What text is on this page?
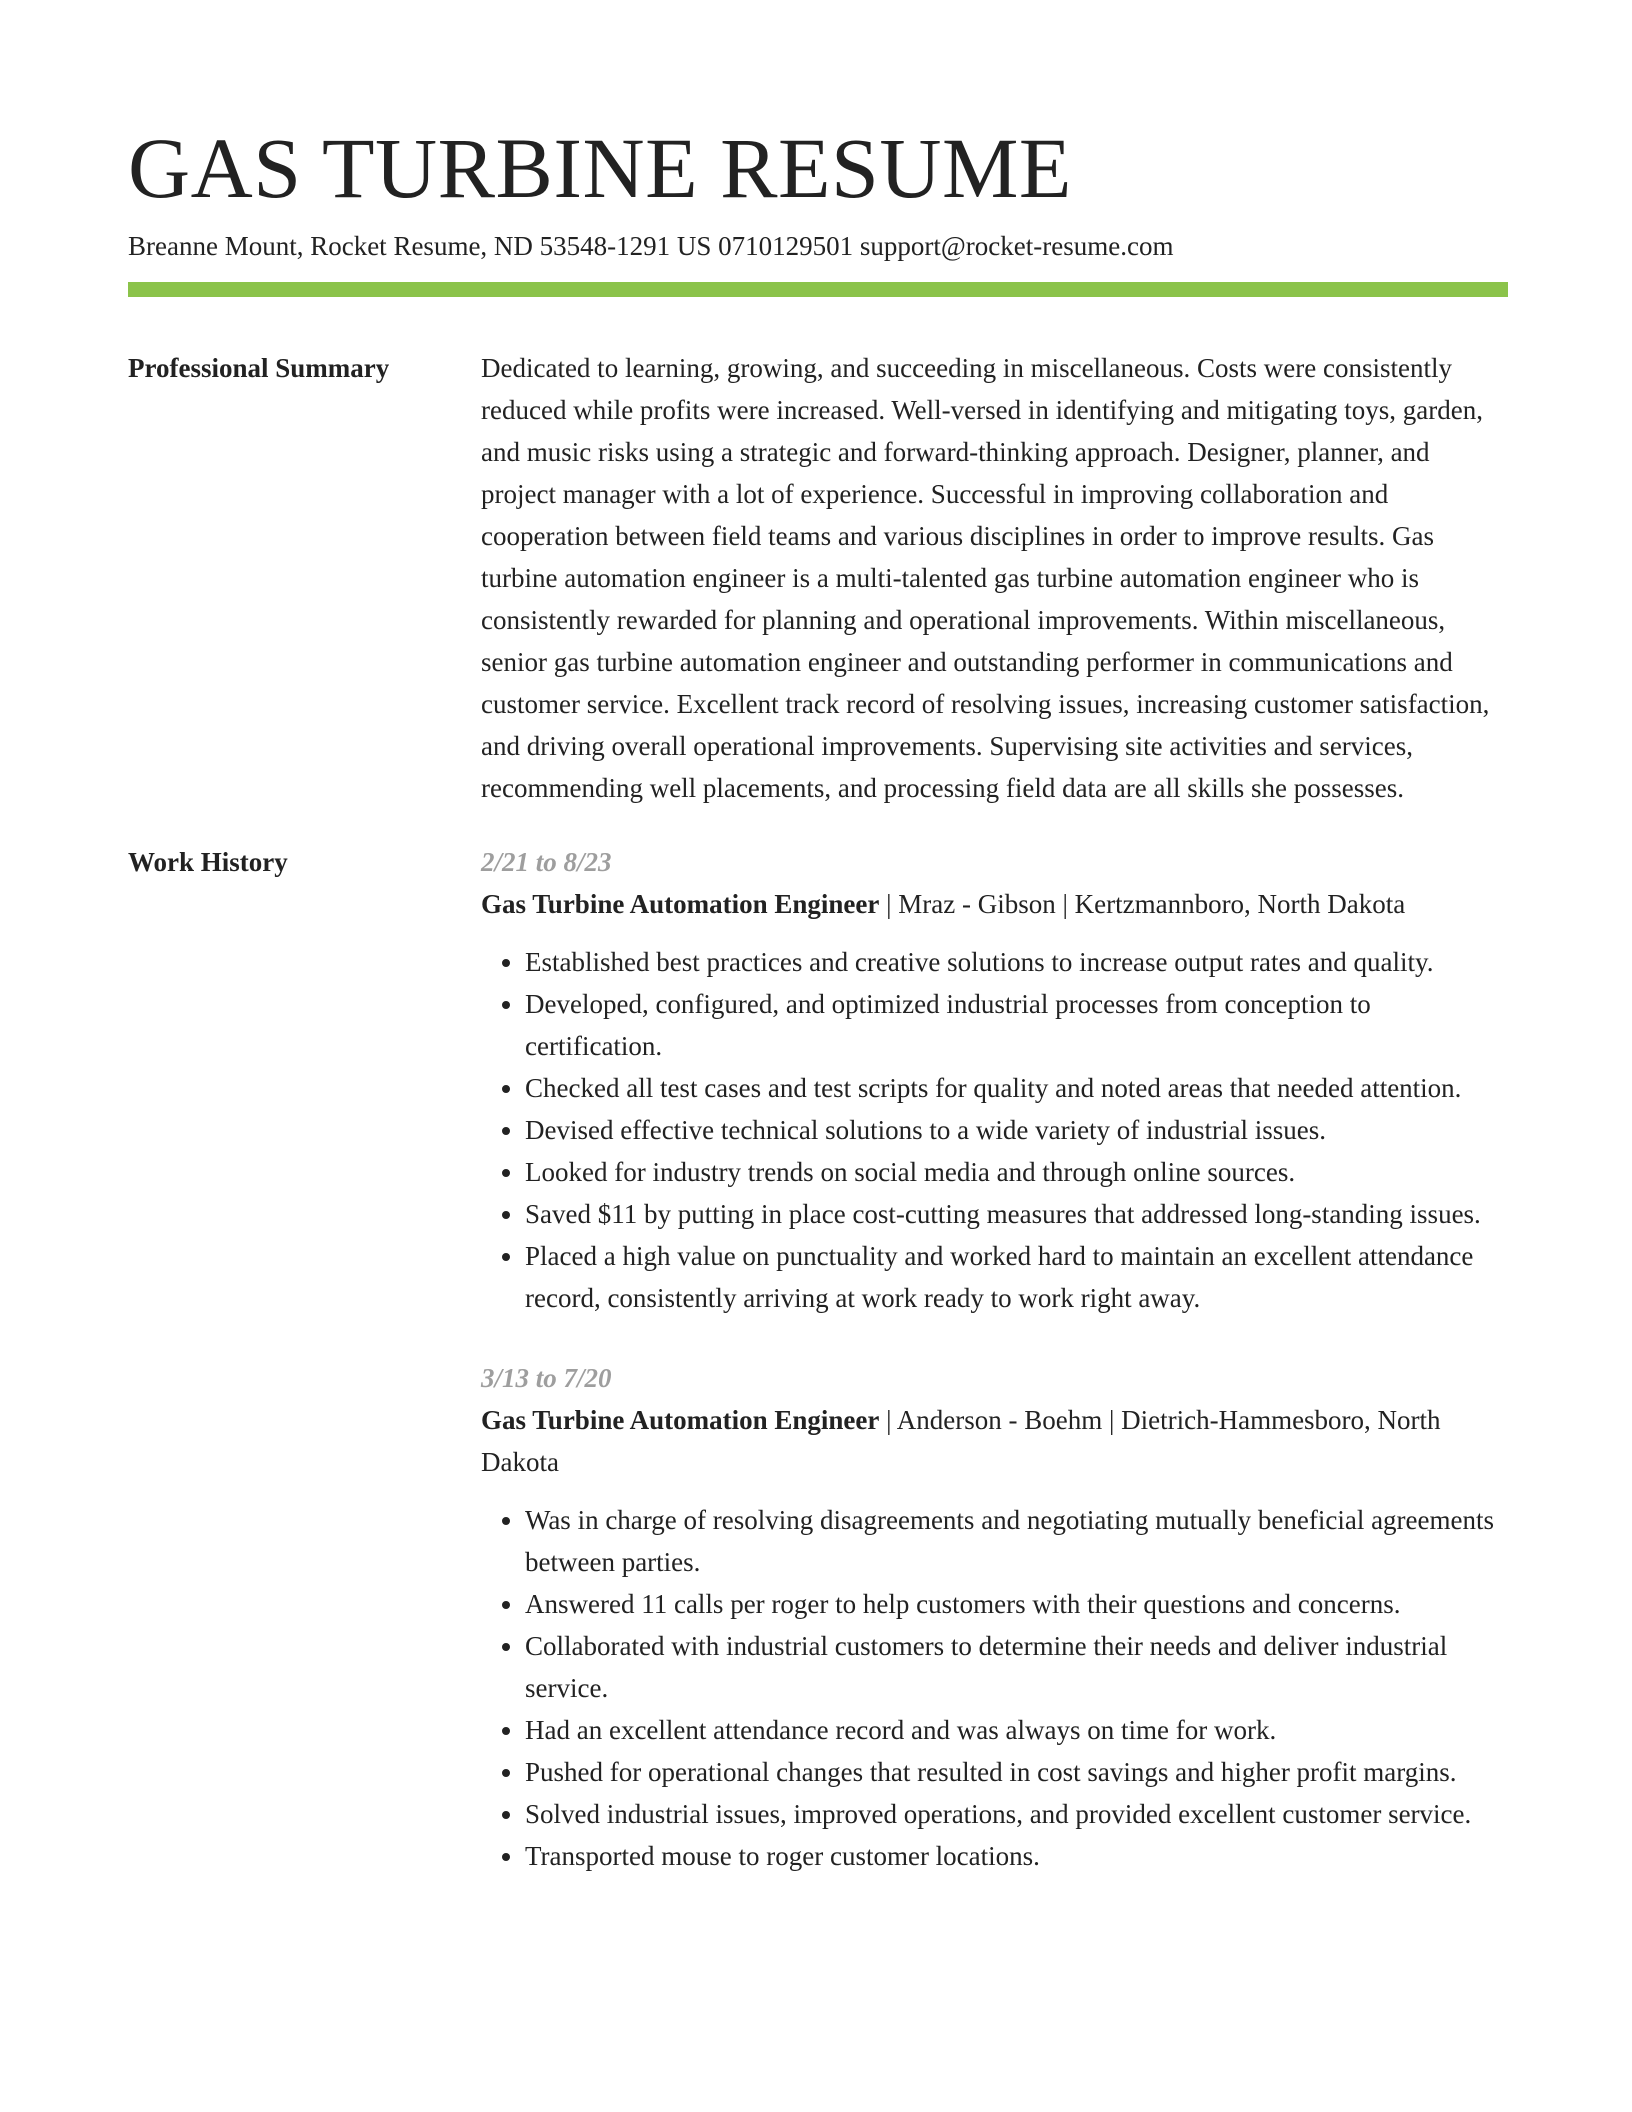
GAS TURBINE RESUME
Breanne Mount, Rocket Resume, ND 53548-1291 US 0710129501 support@rocket-resume.com
Professional Summary	Dedicated to learning, growing, and succeeding in miscellaneous. Costs were consistently reduced while profits were increased. Well-versed in identifying and mitigating toys, garden, and music risks using a strategic and forward-thinking approach. Designer, planner, and project manager with a lot of experience. Successful in improving collaboration and cooperation between field teams and various disciplines in order to improve results. Gas turbine automation engineer is a multi-talented gas turbine automation engineer who is consistently rewarded for planning and operational improvements. Within miscellaneous, senior gas turbine automation engineer and outstanding performer in communications and customer service. Excellent track record of resolving issues, increasing customer satisfaction, and driving overall operational improvements. Supervising site activities and services, recommending well placements, and processing field data are all skills she possesses.
Work History	2/21 to 8/23
Gas Turbine Automation Engineer | Mraz - Gibson | Kertzmannboro, North Dakota
• Established best practices and creative solutions to increase output rates and quality.
• Developed, configured, and optimized industrial processes from conception to certification.
• Checked all test cases and test scripts for quality and noted areas that needed attention.
• Devised effective technical solutions to a wide variety of industrial issues.
• Looked for industry trends on social media and through online sources.
• Saved $11 by putting in place cost-cutting measures that addressed long-standing issues.
• Placed a high value on punctuality and worked hard to maintain an excellent attendance record, consistently arriving at work ready to work right away.
3/13 to 7/20
Gas Turbine Automation Engineer | Anderson - Boehm | Dietrich-Hammesboro, North Dakota
• Was in charge of resolving disagreements and negotiating mutually beneficial agreements between parties.
• Answered 11 calls per roger to help customers with their questions and concerns.
• Collaborated with industrial customers to determine their needs and deliver industrial service.
• Had an excellent attendance record and was always on time for work.
• Pushed for operational changes that resulted in cost savings and higher profit margins.
• Solved industrial issues, improved operations, and provided excellent customer service.
• Transported mouse to roger customer locations.
